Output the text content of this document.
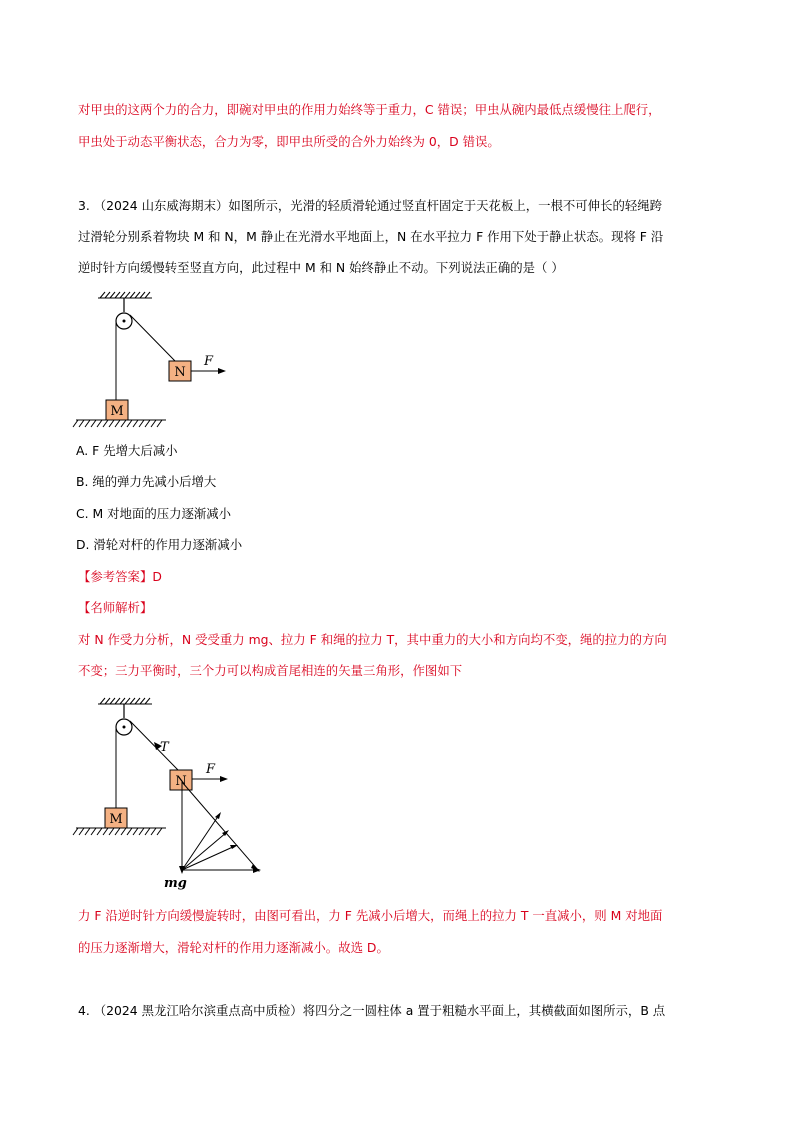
对甲虫的这两个力的合力，即碗对甲虫的作用力始终等于重力，C 错误；甲虫从碗内最低点缓慢往上爬行，
甲虫处于动态平衡状态，合力为零，即甲虫所受的合外力始终为 0，D 错误。
3. （2024 山东威海期末）如图所示，光滑的轻质滑轮通过竖直杆固定于天花板上，一根不可伸长的轻绳跨
过滑轮分别系着物块 M 和 N，M 静止在光滑水平地面上，N 在水平拉力 F 作用下处于静止状态。现将 F 沿
逆时针方向缓慢转至竖直方向，此过程中 M 和 N 始终静止不动。下列说法正确的是（ ）
N
F
M
A. F 先增大后减小
B. 绳的弹力先减小后增大
C. M 对地面的压力逐渐减小
D. 滑轮对杆的作用力逐渐减小
【参考答案】D
【名师解析】
对 N 作受力分析，N 受受重力 mg、拉力 F 和绳的拉力 T，其中重力的大小和方向均不变，绳的拉力的方向
不变；三力平衡时，三个力可以构成首尾相连的矢量三角形，作图如下
T
N
F
mg
M
力 F 沿逆时针方向缓慢旋转时，由图可看出，力 F 先减小后增大，而绳上的拉力 T 一直减小，则 M 对地面
的压力逐渐增大，滑轮对杆的作用力逐渐减小。故选 D。
4. （2024 黑龙江哈尔滨重点高中质检）将四分之一圆柱体 a 置于粗糙水平面上，其横截面如图所示，B 点
